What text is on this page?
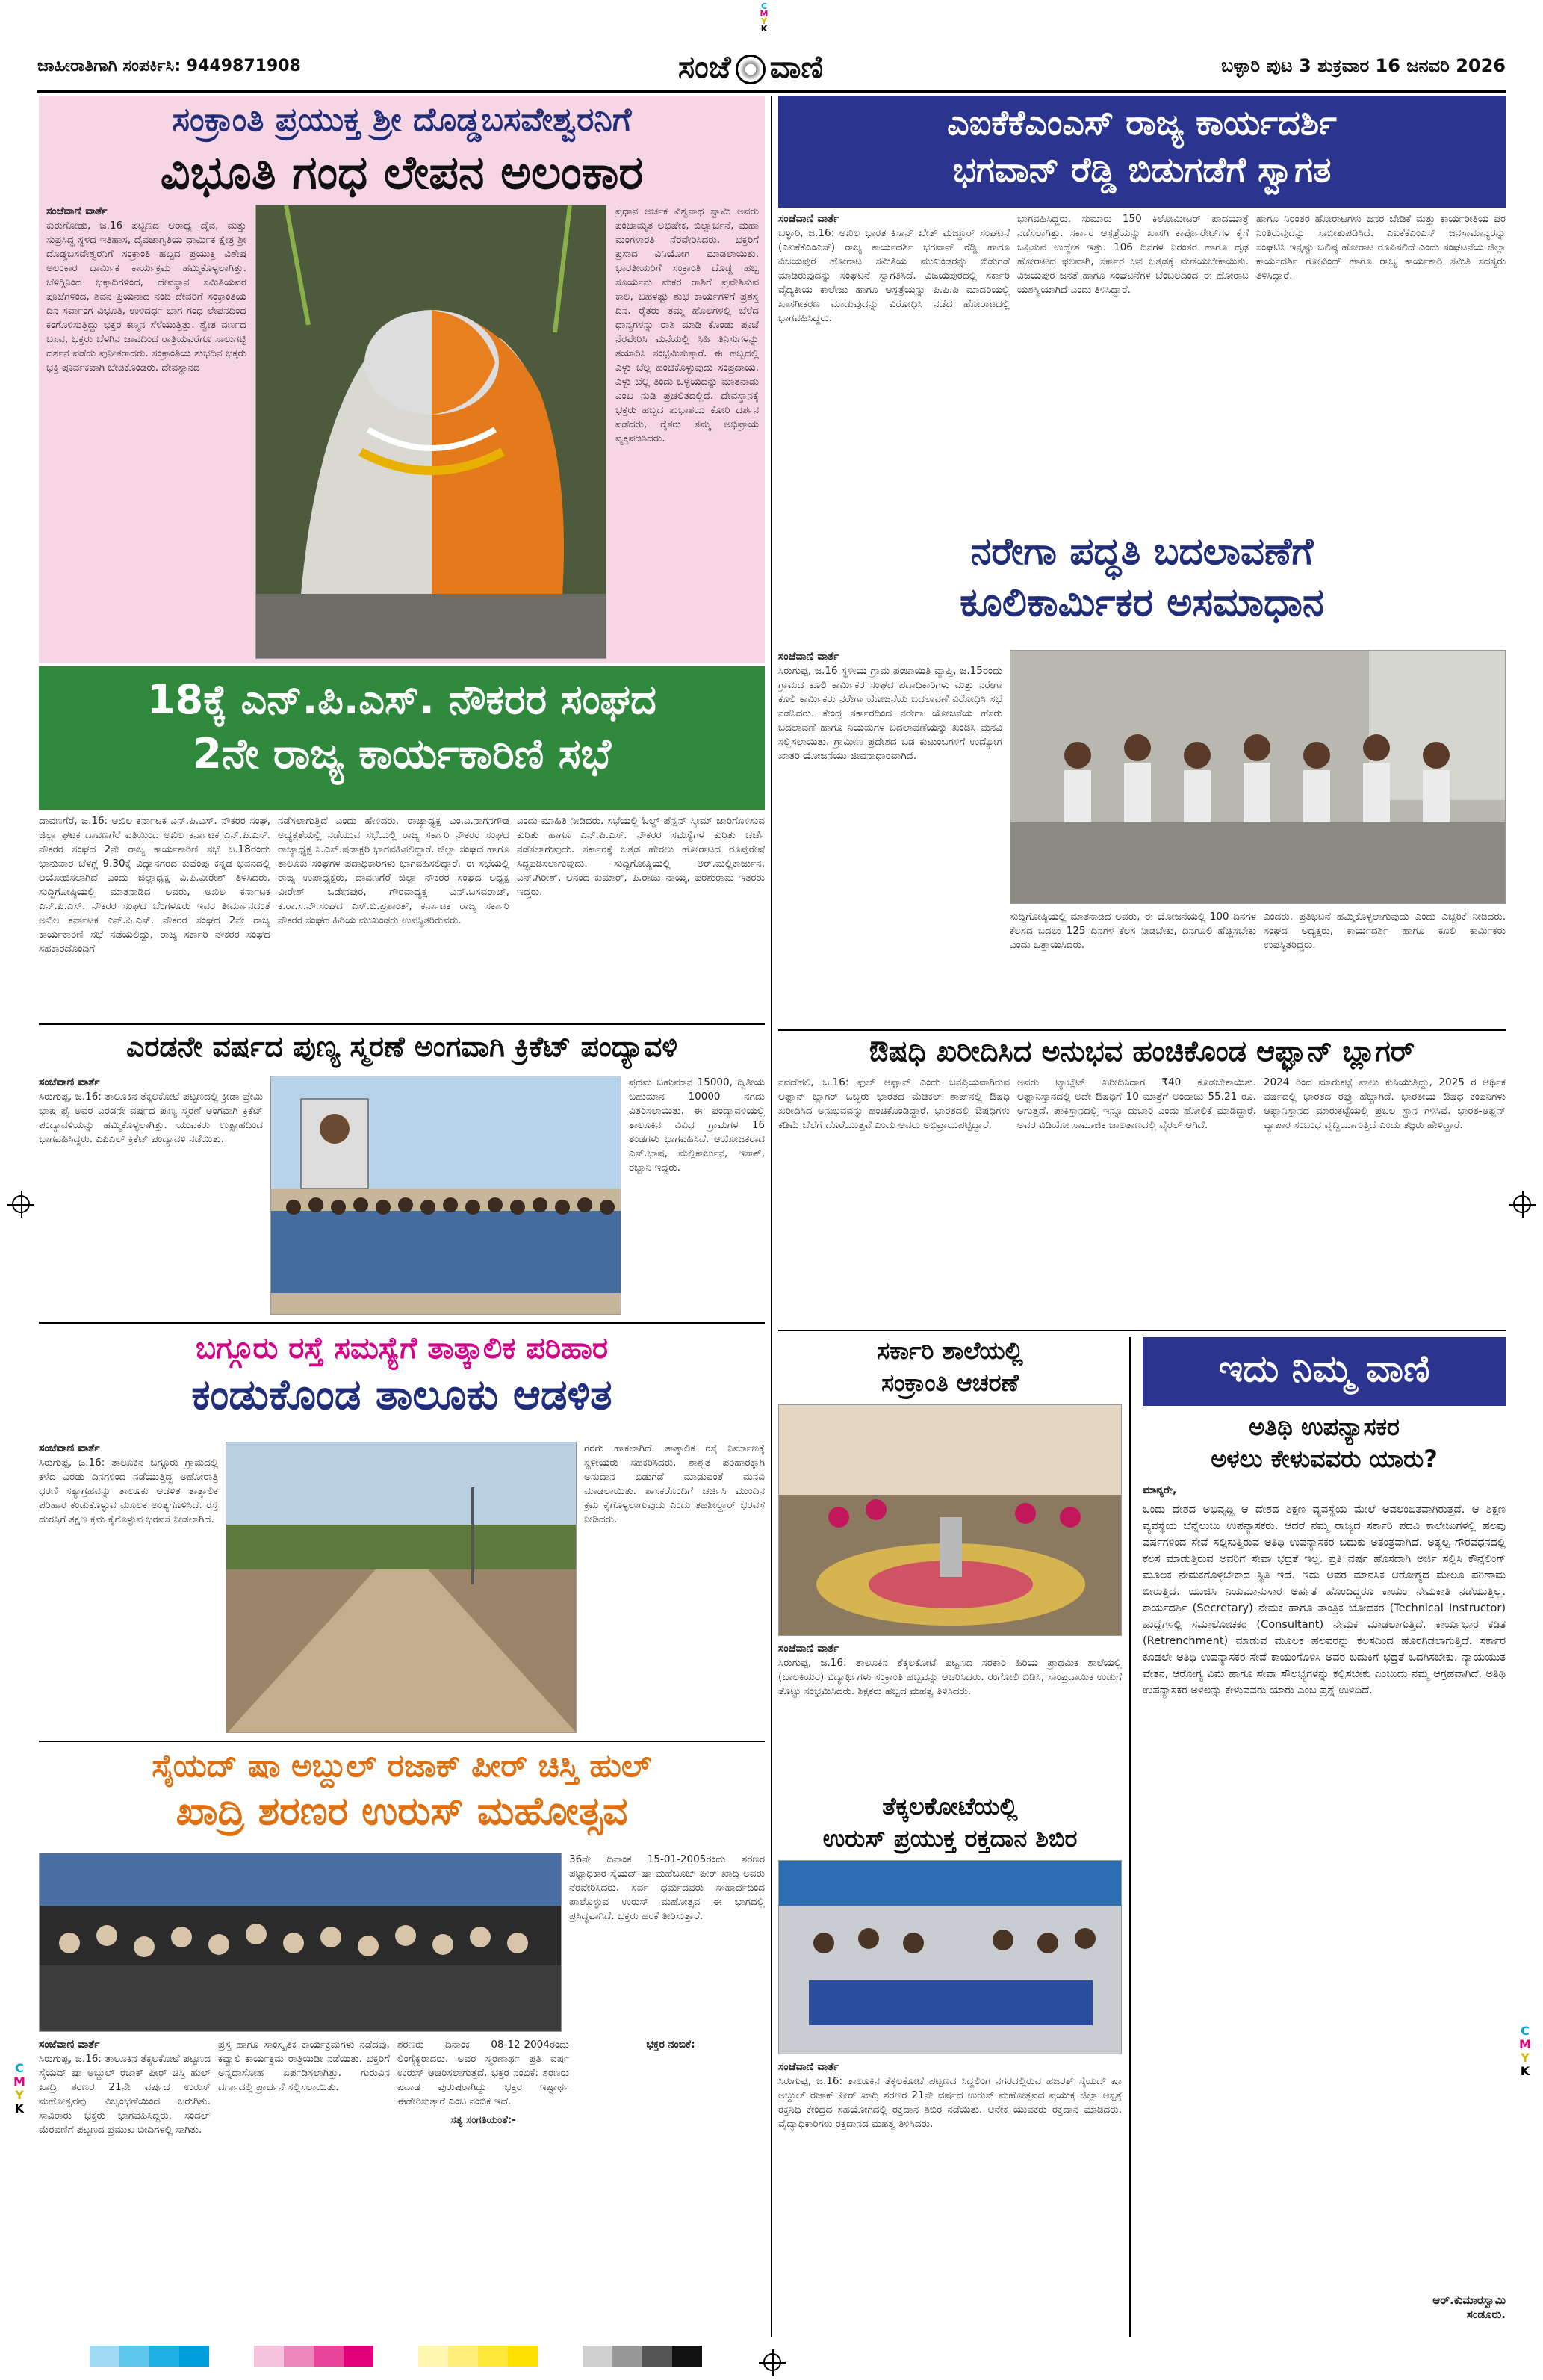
C
M
Y
K
ಜಾಹೀರಾತಿಗಾಗಿ ಸಂಪರ್ಕಿಸಿ: 9449871908	ಸಂಜೆ ವಾಣಿ	ಬಳ್ಳಾರಿ ಪುಟ 3 ಶುಕ್ರವಾರ 16 ಜನವರಿ 2026
ಸಂಕ್ರಾಂತಿ ಪ್ರಯುಕ್ತ ಶ್ರೀ ದೊಡ್ಡಬಸವೇಶ್ವರನಿಗೆ
ವಿಭೂತಿ ಗಂಧ ಲೇಪನ ಅಲಂಕಾರ
ಸಂಜೆವಾಣಿ ವಾರ್ತೆ

ಕುರುಗೋಡು, ಜ.16 ಪಟ್ಟಣದ ಆರಾಧ್ಯ ದೈವ, ಮತ್ತು ಸುಪ್ರಸಿದ್ಧ ಸ್ಥಳದ ಇತಿಹಾಸ, ದೈವಜಾಗೃತಿಯ ಧಾರ್ಮಿಕ ಕ್ಷೇತ್ರ ಶ್ರೀ ದೊಡ್ಡಬಸವೇಶ್ವರನಿಗೆ ಸಂಕ್ರಾಂತಿ ಹಬ್ಬದ ಪ್ರಯುಕ್ತ ವಿಶೇಷ ಅಲಂಕಾರ ಧಾರ್ಮಿಕ ಕಾರ್ಯಕ್ರಮ ಹಮ್ಮಿಕೊಳ್ಳಲಾಗಿತ್ತು. ಬೆಳಿಗ್ಗಿನಿಂದ ಭಕ್ತಾದಿಗಳಿಂದ, ದೇವಸ್ಥಾನ ಸಮಿತಿಯವರ ಪೂಜೆಗಳಿಂದ, ಶಿವನ ಪ್ರಿಯನಾದ ನಂದಿ ದೇವರಿಗೆ ಸಂಕ್ರಾಂತಿಯ ದಿನ ಸರ್ವಾಂಗ ವಿಭೂತಿ, ಉಳಿದರ್ಧ ಭಾಗ ಗಂಧ ಲೇಪನದಿಂದ ಕಂಗೊಳಿಸುತ್ತಿದ್ದು ಭಕ್ತರ ಕಣ್ಮನ ಸೆಳೆಯುತ್ತಿತ್ತು. ಶ್ವೇತ ವರ್ಣದ ಬಸವ, ಭಕ್ತರು ಬೆಳಗಿನ ಜಾವದಿಂದ ರಾತ್ರಿಯವರೆಗೂ ಸಾಲುಗಟ್ಟಿ ದರ್ಶನ ಪಡೆದು ಪುನೀತರಾದರು. ಸಂಕ್ರಾಂತಿಯ ಶುಭದಿನ ಭಕ್ತರು ಭಕ್ತಿ ಪೂರ್ವಕವಾಗಿ ಬೇಡಿಕೊಂಡರು. ದೇವಸ್ಥಾನದ

ಪ್ರಧಾನ ಅರ್ಚಕ ವಿಶ್ವನಾಥ ಸ್ವಾಮಿ ಅವರು ಪಂಚಾಮೃತ ಅಭಿಷೇಕ, ಬಿಲ್ವಾರ್ಚನೆ, ಮಹಾ ಮಂಗಳಾರತಿ ನೆರವೇರಿಸಿದರು. ಭಕ್ತರಿಗೆ ಪ್ರಸಾದ ವಿನಿಯೋಗ ಮಾಡಲಾಯಿತು. ಭಾರತೀಯರಿಗೆ ಸಂಕ್ರಾಂತಿ ದೊಡ್ಡ ಹಬ್ಬ ಸೂರ್ಯನು ಮಕರ ರಾಶಿಗೆ ಪ್ರವೇಶಿಸುವ ಕಾಲ, ಬಹಳಷ್ಟು ಶುಭ ಕಾರ್ಯಗಳಿಗೆ ಪ್ರಶಸ್ತ ದಿನ. ರೈತರು ತಮ್ಮ ಹೊಲಗಳಲ್ಲಿ ಬೆಳೆದ ಧಾನ್ಯಗಳನ್ನು ರಾಶಿ ಮಾಡಿ ಕೊಂಡು ಪೂಜೆ ನೆರವೇರಿಸಿ ಮನೆಯಲ್ಲಿ ಸಿಹಿ ತಿನಿಸುಗಳನ್ನು ತಯಾರಿಸಿ ಸಂಭ್ರಮಿಸುತ್ತಾರೆ. ಈ ಹಬ್ಬದಲ್ಲಿ ಎಳ್ಳು ಬೆಲ್ಲ ಹಂಚಿಕೊಳ್ಳುವುದು ಸಂಪ್ರದಾಯ. ಎಳ್ಳು ಬೆಲ್ಲ ತಿಂದು ಒಳ್ಳೆಯದನ್ನು ಮಾತನಾಡು ಎಂಬ ನುಡಿ ಪ್ರಚಲಿತದಲ್ಲಿದೆ. ದೇವಸ್ಥಾನಕ್ಕೆ ಭಕ್ತರು ಹಬ್ಬದ ಶುಭಾಶಯ ಕೋರಿ ದರ್ಶನ ಪಡೆದರು, ರೈತರು ತಮ್ಮ ಅಭಿಪ್ರಾಯ ವ್ಯಕ್ತಪಡಿಸಿದರು.

18ಕ್ಕೆ ಎನ್.ಪಿ.ಎಸ್. ನೌಕರರ ಸಂಘದ
2ನೇ ರಾಜ್ಯ ಕಾರ್ಯಕಾರಿಣಿ ಸಭೆ

ದಾವಣಗೆರೆ, ಜ.16: ಅಖಿಲ ಕರ್ನಾಟಕ ಎನ್.ಪಿ.ಎಸ್. ನೌಕರರ ಸಂಘ, ಜಿಲ್ಲಾ ಘಟಕ ದಾವಣಗೆರೆ ವತಿಯಿಂದ ಅಖಿಲ ಕರ್ನಾಟಕ ಎನ್.ಪಿ.ಎಸ್. ನೌಕರರ ಸಂಘದ 2ನೇ ರಾಜ್ಯ ಕಾರ್ಯಕಾರಿಣಿ ಸಭೆ ಜ.18ರಂದು ಭಾನುವಾರ ಬೆಳಗ್ಗೆ 9.30ಕ್ಕೆ ವಿದ್ಯಾನಗರದ ಕುವೆಂಪು ಕನ್ನಡ ಭವನದಲ್ಲಿ ಆಯೋಜಿಸಲಾಗಿದೆ ಎಂದು ಜಿಲ್ಲಾಧ್ಯಕ್ಷ ವಿ.ಪಿ.ವೀರೇಶ್ ತಿಳಿಸಿದರು. ಸುದ್ದಿಗೋಷ್ಠಿಯಲ್ಲಿ ಮಾತನಾಡಿದ ಅವರು, ಅಖಿಲ ಕರ್ನಾಟಕ ಎನ್.ಪಿ.ಎಸ್. ನೌಕರರ ಸಂಘದ ಬೆಂಗಳೂರು ಇವರ ತೀರ್ಮಾನದಂತೆ ಅಖಿಲ ಕರ್ನಾಟಕ ಎನ್.ಪಿ.ಎಸ್. ನೌಕರರ ಸಂಘದ 2ನೇ ರಾಜ್ಯ ಕಾರ್ಯಕಾರಿಣಿ ಸಭೆ ನಡೆಯಲಿದ್ದು, ರಾಜ್ಯ ಸರ್ಕಾರಿ ನೌಕರರ ಸಂಘದ ಸಹಕಾರದೊಂದಿಗೆ

ನಡೆಸಲಾಗುತ್ತಿದೆ ಎಂದು ಹೇಳಿದರು. ರಾಜ್ಯಾಧ್ಯಕ್ಷ ಎಂ.ಎ.ನಾಗನಗೌಡ ಅಧ್ಯಕ್ಷತೆಯಲ್ಲಿ ನಡೆಯುವ ಸಭೆಯಲ್ಲಿ ರಾಜ್ಯ ಸರ್ಕಾರಿ ನೌಕರರ ಸಂಘದ ರಾಜ್ಯಾಧ್ಯಕ್ಷ ಸಿ.ಎಸ್.ಷಡಾಕ್ಷರಿ ಭಾಗವಹಿಸಲಿದ್ದಾರೆ. ಜಿಲ್ಲಾ ಸಂಘದ ಹಾಗೂ ತಾಲೂಕು ಸಂಘಗಳ ಪದಾಧಿಕಾರಿಗಳು ಭಾಗವಹಿಸಲಿದ್ದಾರೆ. ಈ ಸಭೆಯಲ್ಲಿ ರಾಜ್ಯ ಉಪಾಧ್ಯಕ್ಷರು, ದಾವಣಗೆರೆ ಜಿಲ್ಲಾ ನೌಕರರ ಸಂಘದ ಅಧ್ಯಕ್ಷ ವೀರೇಶ್ ಒಡೇನಪುರ, ಗೌರವಾಧ್ಯಕ್ಷ ಎನ್.ಬಸವರಾಜ್, ಕ.ರಾ.ಸ.ನೌ.ಸಂಘದ ಎಸ್.ಬಿ.ಪ್ರಶಾಂತ್, ಕರ್ನಾಟಕ ರಾಜ್ಯ ಸರ್ಕಾರಿ ನೌಕರರ ಸಂಘದ ಹಿರಿಯ ಮುಖಂಡರು ಉಪಸ್ಥಿತರಿರುವರು.

ಎಂದು ಮಾಹಿತಿ ನೀಡಿದರು. ಸಭೆಯಲ್ಲಿ ಓಲ್ಡ್ ಪೆನ್ಷನ್ ಸ್ಕೀಮ್ ಜಾರಿಗೊಳಿಸುವ ಕುರಿತು ಹಾಗೂ ಎನ್.ಪಿ.ಎಸ್. ನೌಕರರ ಸಮಸ್ಯೆಗಳ ಕುರಿತು ಚರ್ಚೆ ನಡೆಸಲಾಗುವುದು. ಸರ್ಕಾರಕ್ಕೆ ಒತ್ತಡ ಹೇರಲು ಹೋರಾಟದ ರೂಪುರೇಷೆ ಸಿದ್ಧಪಡಿಸಲಾಗುವುದು. ಸುದ್ದಿಗೋಷ್ಠಿಯಲ್ಲಿ ಆರ್.ಮಲ್ಲಿಕಾರ್ಜುನ, ಎನ್.ಗಿರೀಶ್, ಆನಂದ ಕುಮಾರ್, ಪಿ.ರಾಜು ನಾಯ್ಕ, ಪರಶುರಾಮ ಇತರರು ಇದ್ದರು.

ಎರಡನೇ ವರ್ಷದ ಪುಣ್ಯ ಸ್ಮರಣೆ ಅಂಗವಾಗಿ ಕ್ರಿಕೆಟ್ ಪಂದ್ಯಾವಳಿ
ಸಂಜೆವಾಣಿ ವಾರ್ತೆ

ಸಿರುಗುಪ್ಪ, ಜ.16: ತಾಲೂಕಿನ ತೆಕ್ಕಲಕೋಟೆ ಪಟ್ಟಣದಲ್ಲಿ ಕ್ರೀಡಾ ಪ್ರೇಮಿ ಭಾಷ ಫೈ ಅವರ ಎರಡನೇ ವರ್ಷದ ಪುಣ್ಯ ಸ್ಮರಣೆ ಅಂಗವಾಗಿ ಕ್ರಿಕೆಟ್ ಪಂದ್ಯಾವಳಿಯನ್ನು ಹಮ್ಮಿಕೊಳ್ಳಲಾಗಿತ್ತು. ಯುವಕರು ಉತ್ಸಾಹದಿಂದ ಭಾಗವಹಿಸಿದ್ದರು. ಎಪಿಎಲ್ ಕ್ರಿಕೆಟ್ ಪಂದ್ಯಾವಳಿ ನಡೆಯಿತು.

ಪ್ರಥಮ ಬಹುಮಾನ 15000, ದ್ವಿತೀಯ ಬಹುಮಾನ 10000 ನಗದು ವಿತರಿಸಲಾಯಿತು. ಈ ಪಂದ್ಯಾವಳಿಯಲ್ಲಿ ತಾಲೂಕಿನ ವಿವಿಧ ಗ್ರಾಮಗಳ 16 ತಂಡಗಳು ಭಾಗವಹಿಸಿವೆ. ಆಯೋಜಕರಾದ ಎಸ್.ಭಾಷ, ಮಲ್ಲಿಕಾರ್ಜುನ, ಇಸಾಕ್, ರಬ್ಬಾನಿ ಇದ್ದರು.

ಬಗ್ಗೂರು ರಸ್ತೆ ಸಮಸ್ಯೆಗೆ ತಾತ್ಕಾಲಿಕ ಪರಿಹಾರ
ಕಂಡುಕೊಂಡ ತಾಲೂಕು ಆಡಳಿತ
ಸಂಜೆವಾಣಿ ವಾರ್ತೆ

ಸಿರುಗುಪ್ಪ, ಜ.16: ತಾಲೂಕಿನ ಬಗ್ಗೂರು ಗ್ರಾಮದಲ್ಲಿ ಕಳೆದ ಎರಡು ದಿನಗಳಿಂದ ನಡೆಯುತ್ತಿದ್ದ ಅಹೋರಾತ್ರಿ ಧರಣಿ ಸತ್ಯಾಗ್ರಹವನ್ನು ತಾಲೂಕು ಆಡಳಿತ ತಾತ್ಕಾಲಿಕ ಪರಿಹಾರ ಕಂಡುಕೊಳ್ಳುವ ಮೂಲಕ ಅಂತ್ಯಗೊಳಿಸಿದೆ. ರಸ್ತೆ ದುರಸ್ತಿಗೆ ತಕ್ಷಣ ಕ್ರಮ ಕೈಗೊಳ್ಳುವ ಭರವಸೆ ನೀಡಲಾಗಿದೆ.

ಗರಗು ಹಾಕಲಾಗಿದೆ. ತಾತ್ಕಾಲಿಕ ರಸ್ತೆ ನಿರ್ಮಾಣಕ್ಕೆ ಸ್ಥಳೀಯರು ಸಹಕರಿಸಿದರು. ಶಾಶ್ವತ ಪರಿಹಾರಕ್ಕಾಗಿ ಅನುದಾನ ಬಿಡುಗಡೆ ಮಾಡುವಂತೆ ಮನವಿ ಮಾಡಲಾಯಿತು. ಶಾಸಕರೊಂದಿಗೆ ಚರ್ಚಿಸಿ ಮುಂದಿನ ಕ್ರಮ ಕೈಗೊಳ್ಳಲಾಗುವುದು ಎಂದು ತಹಶೀಲ್ದಾರ್ ಭರವಸೆ ನೀಡಿದರು.

ಸೈಯದ್ ಷಾ ಅಬ್ದುಲ್ ರಜಾಕ್ ಪೀರ್ ಚಿಸ್ತಿ ಹುಲ್
ಖಾದ್ರಿ ಶರಣರ ಉರುಸ್ ಮಹೋತ್ಸವ

36ನೇ ದಿನಾಂಕ 15-01-2005ರಂದು ಶರಣರ ಪಟ್ಟಾಧಿಕಾರ ಸೈಯದ್ ಷಾ ಮಹೆಬೂಬ್ ಪೀರ್ ಖಾದ್ರಿ ಅವರು ನೆರವೇರಿಸಿದರು. ಸರ್ವ ಧರ್ಮದವರು ಸೌಹಾರ್ದದಿಂದ ಪಾಲ್ಗೊಳ್ಳುವ ಉರುಸ್ ಮಹೋತ್ಸವ ಈ ಭಾಗದಲ್ಲಿ ಪ್ರಸಿದ್ಧವಾಗಿದೆ. ಭಕ್ತರು ಹರಕೆ ತೀರಿಸುತ್ತಾರೆ.

ಸಂಜೆವಾಣಿ ವಾರ್ತೆ

ಸಿರುಗುಪ್ಪ, ಜ.16: ತಾಲೂಕಿನ ತೆಕ್ಕಲಕೋಟೆ ಪಟ್ಟಣದ ಸೈಯದ್ ಷಾ ಅಬ್ದುಲ್ ರಜಾಕ್ ಪೀರ್ ಚಿಸ್ತಿ ಹುಲ್ ಖಾದ್ರಿ ಶರಣರ 21ನೇ ವರ್ಷದ ಉರುಸ್ ಮಹೋತ್ಸವವು ವಿಜೃಂಭಣೆಯಿಂದ ಜರುಗಿತು. ಸಾವಿರಾರು ಭಕ್ತರು ಭಾಗವಹಿಸಿದ್ದರು. ಸಂದಲ್ ಮೆರವಣಿಗೆ ಪಟ್ಟಣದ ಪ್ರಮುಖ ಬೀದಿಗಳಲ್ಲಿ ಸಾಗಿತು.

ಪ್ರಸ್ತ ಹಾಗೂ ಸಾಂಸ್ಕೃತಿಕ ಕಾರ್ಯಕ್ರಮಗಳು ನಡೆದವು. ಕವ್ವಾಲಿ ಕಾರ್ಯಕ್ರಮ ರಾತ್ರಿಯಿಡೀ ನಡೆಯಿತು. ಭಕ್ತರಿಗೆ ಅನ್ನದಾಸೋಹ ಏರ್ಪಡಿಸಲಾಗಿತ್ತು. ಗುರುವಿನ ದರ್ಗಾದಲ್ಲಿ ಪ್ರಾರ್ಥನೆ ಸಲ್ಲಿಸಲಾಯಿತು.

ಶರಣರು ದಿನಾಂಕ 08-12-2004ರಂದು ಲಿಂಗೈಕ್ಯರಾದರು. ಅವರ ಸ್ಮರಣಾರ್ಥ ಪ್ರತಿ ವರ್ಷ ಉರುಸ್ ಆಚರಿಸಲಾಗುತ್ತದೆ. ಭಕ್ತರ ನಂಬಿಕೆ: ಶರಣರು ಪವಾಡ ಪುರುಷರಾಗಿದ್ದು ಭಕ್ತರ ಇಷ್ಟಾರ್ಥ ಈಡೇರಿಸುತ್ತಾರೆ ಎಂಬ ನಂಬಿಕೆ ಇದೆ.

ಸತ್ಯ ಸಂಗತಿಯಂತೆ:-

ಭಕ್ತರ ನಂಬಿಕೆ:
ಎಐಕೆಕೆಎಂಎಸ್ ರಾಜ್ಯ ಕಾರ್ಯದರ್ಶಿ
ಭಗವಾನ್ ರೆಡ್ಡಿ ಬಿಡುಗಡೆಗೆ ಸ್ವಾಗತ
ಸಂಜೆವಾಣಿ ವಾರ್ತೆ

ಬಳ್ಳಾರಿ, ಜ.16: ಅಖಿಲ ಭಾರತ ಕಿಸಾನ್ ಖೇತ್ ಮಜ್ದೂರ್ ಸಂಘಟನೆ (ಎಐಕೆಕೆಎಂಎಸ್) ರಾಜ್ಯ ಕಾರ್ಯದರ್ಶಿ ಭಗವಾನ್ ರೆಡ್ಡಿ ಹಾಗೂ ವಿಜಯಪುರ ಹೋರಾಟ ಸಮಿತಿಯ ಮುಖಂಡರನ್ನು ಬಿಡುಗಡೆ ಮಾಡಿರುವುದನ್ನು ಸಂಘಟನೆ ಸ್ವಾಗತಿಸಿದೆ. ವಿಜಯಪುರದಲ್ಲಿ ಸರ್ಕಾರಿ ವೈದ್ಯಕೀಯ ಕಾಲೇಜು ಹಾಗೂ ಆಸ್ಪತ್ರೆಯನ್ನು ಪಿ.ಪಿ.ಪಿ ಮಾದರಿಯಲ್ಲಿ ಖಾಸಗೀಕರಣ ಮಾಡುವುದನ್ನು ವಿರೋಧಿಸಿ ನಡೆದ ಹೋರಾಟದಲ್ಲಿ ಭಾಗವಹಿಸಿದ್ದರು.

ಭಾಗವಹಿಸಿದ್ದರು. ಸುಮಾರು 150 ಕಿಲೋಮೀಟರ್ ಪಾದಯಾತ್ರೆ ನಡೆಸಲಾಗಿತ್ತು. ಸರ್ಕಾರ ಆಸ್ಪತ್ರೆಯನ್ನು ಖಾಸಗಿ ಕಾರ್ಪೊರೇಟ್‌ಗಳ ಕೈಗೆ ಒಪ್ಪಿಸುವ ಉದ್ದೇಶ ಇತ್ತು. 106 ದಿನಗಳ ನಿರಂತರ ಹಾಗೂ ದೃಢ ಹೋರಾಟದ ಫಲವಾಗಿ, ಸರ್ಕಾರ ಜನ ಒತ್ತಡಕ್ಕೆ ಮಣಿಯಬೇಕಾಯಿತು. ವಿಜಯಪುರ ಜನತೆ ಹಾಗೂ ಸಂಘಟನೆಗಳ ಬೆಂಬಲದಿಂದ ಈ ಹೋರಾಟ ಯಶಸ್ವಿಯಾಗಿದೆ ಎಂದು ತಿಳಿಸಿದ್ದಾರೆ.

ಹಾಗೂ ನಿರಂತರ ಹೋರಾಟಗಳು ಜನರ ಬೇಡಿಕೆ ಮತ್ತು ಕಾರ್ಯರೀತಿಯ ಪರ ನಿಂತಿರುವುದನ್ನು ಸಾಬೀತುಪಡಿಸಿದೆ. ಎಐಕೆಕೆಎಂಎಸ್ ಜನಸಾಮಾನ್ಯರನ್ನು ಸಂಘಟಿಸಿ ಇನ್ನಷ್ಟು ಬಲಿಷ್ಠ ಹೋರಾಟ ರೂಪಿಸಲಿದೆ ಎಂದು ಸಂಘಟನೆಯ ಜಿಲ್ಲಾ ಕಾರ್ಯದರ್ಶಿ ಗೋವಿಂದ್ ಹಾಗೂ ರಾಜ್ಯ ಕಾರ್ಯಕಾರಿ ಸಮಿತಿ ಸದಸ್ಯರು ತಿಳಿಸಿದ್ದಾರೆ.

ನರೇಗಾ ಪದ್ಧತಿ ಬದಲಾವಣೆಗೆ
ಕೂಲಿಕಾರ್ಮಿಕರ ಅಸಮಾಧಾನ
ಸಂಜೆವಾಣಿ ವಾರ್ತೆ

ಸಿರುಗುಪ್ಪ, ಜ.16 ಸ್ಥಳೀಯ ಗ್ರಾಮ ಪಂಚಾಯಿತಿ ವ್ಯಾಪ್ತಿ, ಜ.15ರಂದು ಗ್ರಾಮದ ಕೂಲಿ ಕಾರ್ಮಿಕರ ಸಂಘದ ಪದಾಧಿಕಾರಿಗಳು ಮತ್ತು ನರೇಗಾ ಕೂಲಿ ಕಾರ್ಮಿಕರು ನರೇಗಾ ಯೋಜನೆಯ ಬದಲಾವಣೆ ವಿರೋಧಿಸಿ ಸಭೆ ನಡೆಸಿದರು. ಕೇಂದ್ರ ಸರ್ಕಾರದಿಂದ ನರೇಗಾ ಯೋಜನೆಯ ಹೆಸರು ಬದಲಾವಣೆ ಹಾಗೂ ನಿಯಮಗಳ ಬದಲಾವಣೆಯನ್ನು ಖಂಡಿಸಿ ಮನವಿ ಸಲ್ಲಿಸಲಾಯಿತು. ಗ್ರಾಮೀಣ ಪ್ರದೇಶದ ಬಡ ಕುಟುಂಬಗಳಿಗೆ ಉದ್ಯೋಗ ಖಾತರಿ ಯೋಜನೆಯು ಜೀವನಾಧಾರವಾಗಿದೆ.

ಸುದ್ದಿಗೋಷ್ಠಿಯಲ್ಲಿ ಮಾತನಾಡಿದ ಅವರು, ಈ ಯೋಜನೆಯಲ್ಲಿ 100 ದಿನಗಳ ಕೆಲಸದ ಬದಲು 125 ದಿನಗಳ ಕೆಲಸ ನೀಡಬೇಕು, ದಿನಗೂಲಿ ಹೆಚ್ಚಿಸಬೇಕು ಎಂದು ಒತ್ತಾಯಿಸಿದರು.

ಎಂದರು. ಪ್ರತಿಭಟನೆ ಹಮ್ಮಿಕೊಳ್ಳಲಾಗುವುದು ಎಂದು ಎಚ್ಚರಿಕೆ ನೀಡಿದರು. ಸಂಘದ ಅಧ್ಯಕ್ಷರು, ಕಾರ್ಯದರ್ಶಿ ಹಾಗೂ ಕೂಲಿ ಕಾರ್ಮಿಕರು ಉಪಸ್ಥಿತರಿದ್ದರು.

ಔಷಧಿ ಖರೀದಿಸಿದ ಅನುಭವ ಹಂಚಿಕೊಂಡ ಆಫ್ಘಾನ್ ಬ್ಲಾಗರ್

ನವದೆಹಲಿ, ಜ.16: ಫುಲ್ ಆಫ್ಘಾನ್ ಎಂದು ಜನಪ್ರಿಯವಾಗಿರುವ ಆಫ್ಘಾನ್ ಬ್ಲಾಗರ್ ಒಬ್ಬರು ಭಾರತದ ಮೆಡಿಕಲ್ ಶಾಪ್‌ನಲ್ಲಿ ಔಷಧಿ ಖರೀದಿಸಿದ ಅನುಭವವನ್ನು ಹಂಚಿಕೊಂಡಿದ್ದಾರೆ. ಭಾರತದಲ್ಲಿ ಔಷಧಿಗಳು ಕಡಿಮೆ ಬೆಲೆಗೆ ದೊರೆಯುತ್ತವೆ ಎಂದು ಅವರು ಅಭಿಪ್ರಾಯಪಟ್ಟಿದ್ದಾರೆ.

ಅವರು ಟ್ಯಾಬ್ಲೆಟ್ ಖರೀದಿಸಿದಾಗ ₹40 ಕೊಡಬೇಕಾಯಿತು. ಆಫ್ಘಾನಿಸ್ತಾನದಲ್ಲಿ ಅದೇ ಔಷಧಿಗೆ 10 ಮಾತ್ರೆಗೆ ಅಂದಾಜು 55.21 ರೂ. ಆಗುತ್ತದೆ. ಪಾಕಿಸ್ತಾನದಲ್ಲಿ ಇನ್ನೂ ದುಬಾರಿ ಎಂದು ಹೋಲಿಕೆ ಮಾಡಿದ್ದಾರೆ. ಅವರ ವಿಡಿಯೋ ಸಾಮಾಜಿಕ ಜಾಲತಾಣದಲ್ಲಿ ವೈರಲ್ ಆಗಿದೆ.

2024 ರಿಂದ ಮಾರುಕಟ್ಟೆ ಪಾಲು ಕುಸಿಯುತ್ತಿದ್ದು, 2025 ರ ಆರ್ಥಿಕ ವರ್ಷದಲ್ಲಿ ಭಾರತದ ರಫ್ತು ಹೆಚ್ಚಾಗಿದೆ. ಭಾರತೀಯ ಔಷಧ ಕಂಪನಿಗಳು ಆಫ್ಘಾನಿಸ್ತಾನದ ಮಾರುಕಟ್ಟೆಯಲ್ಲಿ ಪ್ರಬಲ ಸ್ಥಾನ ಗಳಿಸಿವೆ. ಭಾರತ-ಆಫ್ಘನ್ ವ್ಯಾಪಾರ ಸಂಬಂಧ ವೃದ್ಧಿಯಾಗುತ್ತಿದೆ ಎಂದು ತಜ್ಞರು ಹೇಳಿದ್ದಾರೆ.

ಸರ್ಕಾರಿ ಶಾಲೆಯಲ್ಲಿ
ಸಂಕ್ರಾಂತಿ ಆಚರಣೆ
ಸಂಜೆವಾಣಿ ವಾರ್ತೆ

ಸಿರುಗುಪ್ಪ, ಜ.16: ತಾಲೂಕಿನ ತೆಕ್ಕಲಕೋಟೆ ಪಟ್ಟಣದ ಸರಕಾರಿ ಹಿರಿಯ ಪ್ರಾಥಮಿಕ ಶಾಲೆಯಲ್ಲಿ (ಬಾಲಕಿಯರ) ವಿದ್ಯಾರ್ಥಿಗಳು ಸಂಕ್ರಾಂತಿ ಹಬ್ಬವನ್ನು ಆಚರಿಸಿದರು. ರಂಗೋಲಿ ಬಿಡಿಸಿ, ಸಾಂಪ್ರದಾಯಿಕ ಉಡುಗೆ ತೊಟ್ಟು ಸಂಭ್ರಮಿಸಿದರು. ಶಿಕ್ಷಕರು ಹಬ್ಬದ ಮಹತ್ವ ತಿಳಿಸಿದರು.

ತೆಕ್ಕಲಕೋಟೆಯಲ್ಲಿ
ಉರುಸ್ ಪ್ರಯುಕ್ತ ರಕ್ತದಾನ ಶಿಬಿರ
ಸಂಜೆವಾಣಿ ವಾರ್ತೆ

ಸಿರುಗುಪ್ಪ, ಜ.16: ತಾಲೂಕಿನ ತೆಕ್ಕಲಕೋಟೆ ಪಟ್ಟಣದ ಸಿದ್ದಲಿಂಗ ನಗರದಲ್ಲಿರುವ ಹಜರತ್ ಸೈಯದ್ ಷಾ ಅಬ್ದುಲ್ ರಜಾಕ್ ಪೀರ್ ಖಾದ್ರಿ ಶರಣರ 21ನೇ ವರ್ಷದ ಉರುಸ್ ಮಹೋತ್ಸವದ ಪ್ರಯುಕ್ತ ಜಿಲ್ಲಾ ಆಸ್ಪತ್ರೆ ರಕ್ತನಿಧಿ ಕೇಂದ್ರದ ಸಹಯೋಗದಲ್ಲಿ ರಕ್ತದಾನ ಶಿಬಿರ ನಡೆಯಿತು. ಅನೇಕ ಯುವಕರು ರಕ್ತದಾನ ಮಾಡಿದರು. ವೈದ್ಯಾಧಿಕಾರಿಗಳು ರಕ್ತದಾನದ ಮಹತ್ವ ತಿಳಿಸಿದರು.

ಇದು ನಿಮ್ಮ ವಾಣಿ
ಅತಿಥಿ ಉಪನ್ಯಾಸಕರ
ಅಳಲು ಕೇಳುವವರು ಯಾರು?
ಮಾನ್ಯರೇ,

ಒಂದು ದೇಶದ ಅಭಿವೃದ್ಧಿ ಆ ದೇಶದ ಶಿಕ್ಷಣ ವ್ಯವಸ್ಥೆಯ ಮೇಲೆ ಅವಲಂಬಿತವಾಗಿರುತ್ತದೆ. ಆ ಶಿಕ್ಷಣ ವ್ಯವಸ್ಥೆಯ ಬೆನ್ನೆಲುಬು ಉಪನ್ಯಾಸಕರು. ಆದರೆ ನಮ್ಮ ರಾಜ್ಯದ ಸರ್ಕಾರಿ ಪದವಿ ಕಾಲೇಜುಗಳಲ್ಲಿ ಹಲವು ವರ್ಷಗಳಿಂದ ಸೇವೆ ಸಲ್ಲಿಸುತ್ತಿರುವ ಅತಿಥಿ ಉಪನ್ಯಾಸಕರ ಬದುಕು ಅತಂತ್ರವಾಗಿದೆ. ಅತ್ಯಲ್ಪ ಗೌರವಧನದಲ್ಲಿ ಕೆಲಸ ಮಾಡುತ್ತಿರುವ ಅವರಿಗೆ ಸೇವಾ ಭದ್ರತೆ ಇಲ್ಲ. ಪ್ರತಿ ವರ್ಷ ಹೊಸದಾಗಿ ಅರ್ಜಿ ಸಲ್ಲಿಸಿ ಕೌನ್ಸೆಲಿಂಗ್ ಮೂಲಕ ನೇಮಕಗೊಳ್ಳಬೇಕಾದ ಸ್ಥಿತಿ ಇದೆ. ಇದು ಅವರ ಮಾನಸಿಕ ಆರೋಗ್ಯದ ಮೇಲೂ ಪರಿಣಾಮ ಬೀರುತ್ತಿದೆ. ಯುಜಿಸಿ ನಿಯಮಾನುಸಾರ ಅರ್ಹತೆ ಹೊಂದಿದ್ದರೂ ಕಾಯಂ ನೇಮಕಾತಿ ನಡೆಯುತ್ತಿಲ್ಲ. ಕಾರ್ಯದರ್ಶಿ (Secretary) ನೇಮಕ ಹಾಗೂ ತಾಂತ್ರಿಕ ಬೋಧಕರ (Technical Instructor) ಹುದ್ದೆಗಳಲ್ಲಿ ಸಮಾಲೋಚಕರ (Consultant) ನೇಮಕ ಮಾಡಲಾಗುತ್ತಿದೆ. ಕಾರ್ಯಭಾರ ಕಡಿತ (Retrenchment) ಮಾಡುವ ಮೂಲಕ ಹಲವರನ್ನು ಕೆಲಸದಿಂದ ಹೊರಗಿಡಲಾಗುತ್ತಿದೆ. ಸರ್ಕಾರ ಕೂಡಲೇ ಅತಿಥಿ ಉಪನ್ಯಾಸಕರ ಸೇವೆ ಕಾಯಂಗೊಳಿಸಿ ಅವರ ಬದುಕಿಗೆ ಭದ್ರತೆ ಒದಗಿಸಬೇಕು. ನ್ಯಾಯಯುತ ವೇತನ, ಆರೋಗ್ಯ ವಿಮೆ ಹಾಗೂ ಸೇವಾ ಸೌಲಭ್ಯಗಳನ್ನು ಕಲ್ಪಿಸಬೇಕು ಎಂಬುದು ನಮ್ಮ ಆಗ್ರಹವಾಗಿದೆ. ಅತಿಥಿ ಉಪನ್ಯಾಸಕರ ಅಳಲನ್ನು ಕೇಳುವವರು ಯಾರು ಎಂಬ ಪ್ರಶ್ನೆ ಉಳಿದಿದೆ.

ಆರ್.ಕುಮಾರಸ್ವಾಮಿ
ಸಂಡೂರು.
C
M
Y
K
C
M
Y
K
